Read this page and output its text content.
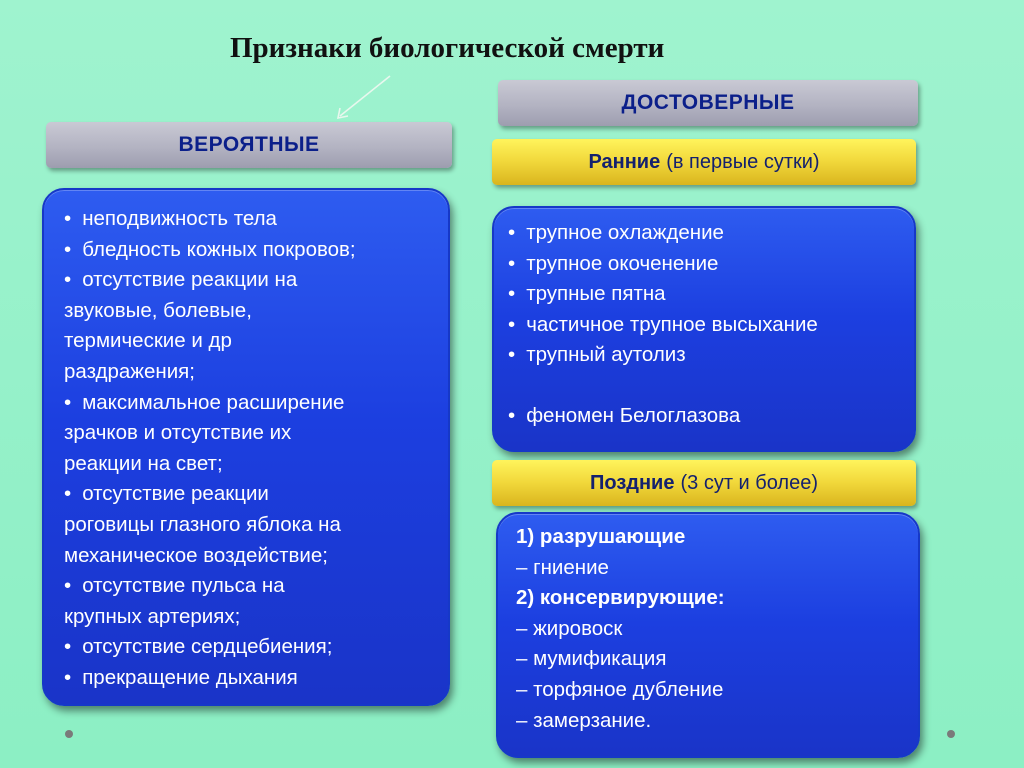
Признаки биологической смерти
ВЕРОЯТНЫЕ
• неподвижность тела
• бледность кожных покровов;
• отсутствие реакции на
звуковые, болевые,
термические и др
раздражения;
• максимальное расширение
зрачков и отсутствие их
реакции на свет;
• отсутствие реакции
роговицы глазного яблока на
механическое воздействие;
• отсутствие пульса на
крупных артериях;
• отсутствие сердцебиения;
• прекращение дыхания
ДОСТОВЕРНЫЕ
Ранние (в первые сутки)
• трупное охлаждение
• трупное окоченение
• трупные пятна
• частичное трупное высыхание
• трупный аутолиз
• феномен Белоглазова
Поздние (3 сут и более)
1) разрушающие
– гниение
2) консервирующие:
– жировоск
– мумификация
– торфяное дубление
– замерзание.
